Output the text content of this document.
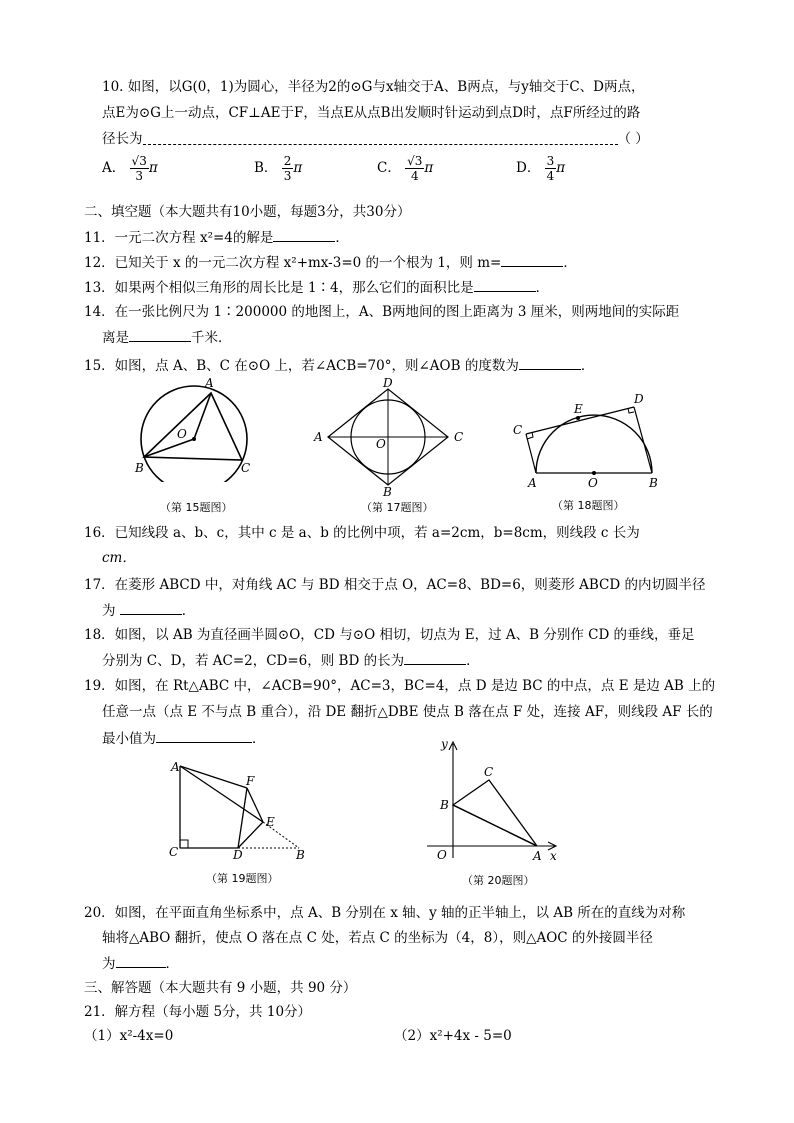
10. 如图，以G(0，1)为圆心，半径为2的⊙G与x轴交于A、B两点，与y轴交于C、D两点，
点E为⊙G上一动点，CF⊥AE于F，当点E从点B出发顺时针运动到点D时，点F所经过的路
径长为	（ ）
A． $\frac{√3}{3}$ π	B． $\frac{2}{3}$ π	C． $\frac{√3}{4}$ π	D． $\frac{3}{4}$ π
二、填空题（本大题共有10小题，每题3分，共30分）
11．一元二次方程 x²=4的解是	．
12．已知关于 x 的一元二次方程 x²+mx-3=0 的一个根为 1，则 m=	．
13．如果两个相似三角形的周长比是 1∶4，那么它们的面积比是	．
14．在一张比例尺为 1∶200000 的地图上，A、B两地间的图上距离为 3 厘米，则两地间的实际距
离是	千米．
15．如图，点 A、B、C 在⊙O 上，若∠ACB=70°，则∠AOB 的度数为	．
A
B	C
O
（第 15题图）
A
B
C
D
O
（第 17题图）
A	B
C
D
E
O
（第 18题图）
16．已知线段 a、b、c，其中 c 是 a、b 的比例中项，若 a=2cm，b=8cm，则线段 c 长为
cm．
17．在菱形 ABCD 中，对角线 AC 与 BD 相交于点 O，AC=8、BD=6，则菱形 ABCD 的内切圆半径
为	．
18．如图，以 AB 为直径画半圆⊙O，CD 与⊙O 相切，切点为 E，过 A、B 分别作 CD 的垂线，垂足
分别为 C、D，若 AC=2，CD=6，则 BD 的长为	．
19．如图，在 Rt△ABC 中，∠ACB=90°，AC=3，BC=4，点 D 是边 BC 的中点，点 E 是边 AB 上的
任意一点（点 E 不与点 B 重合），沿 DE 翻折△DBE 使点 B 落在点 F 处，连接 AF，则线段 AF 长的
最小值为	．
A
B
C	D
E
F
（第 19题图）
A
B
C
O	x
y
（第 20题图）
20．如图，在平面直角坐标系中，点 A、B 分别在 x 轴、y 轴的正半轴上，以 AB 所在的直线为对称
轴将△ABO 翻折，使点 O 落在点 C 处，若点 C 的坐标为（4，8），则△AOC 的外接圆半径
为	．
三、解答题（本大题共有 9 小题，共 90 分）
21．解方程（每小题 5分，共 10分）
（1）x²-4x=0	（2）x²+4x - 5=0
